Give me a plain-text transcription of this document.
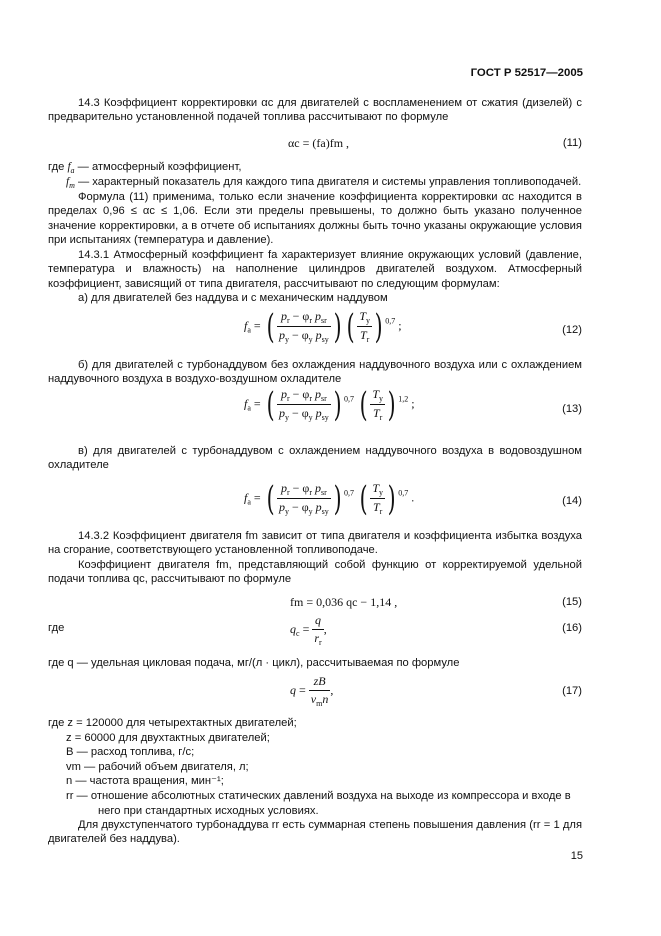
ГОСТ Р 52517—2005
14.3 Коэффициент корректировки αc для двигателей с воспламенением от сжатия (дизелей) с предварительно установленной подачей топлива рассчитывают по формуле
αc = (fa)fm ,	(11)
где $f_a$ — атмосферный коэффициент,
$f_m$ — характерный показатель для каждого типа двигателя и системы управления топливоподачей.
Формула (11) применима, только если значение коэффициента корректировки αc находится в пределах 0,96 ≤ αc ≤ 1,06. Если эти пределы превышены, то должно быть указано полученное значение корректировки, а в отчете об испытаниях должны быть точно указаны окружающие условия при испытаниях (температура и давление).
14.3.1 Атмосферный коэффициент fa характеризует влияние окружающих условий (давление, температура и влажность) на наполнение цилиндров двигателей воздухом. Атмосферный коэффициент, зависящий от типа двигателя, рассчитывают по следующим формулам:
а) для двигателей без наддува и с механическим наддувом
$f_a$ = ( $\frac{p_r - \varphi_r p_{sr}}{p_y - \varphi_y p_{sy}}$ ) ( $\frac{T_y}{T_r}$ ) $^{0,7}$ ;	(12)
б) для двигателей с турбонаддувом без охлаждения наддувочного воздуха или с охлаждением наддувочного воздуха в воздухо-воздушном охладителе
$f_a$ = ( $\frac{p_r - \varphi_r p_{sr}}{p_y - \varphi_y p_{sy}}$ ) $^{0,7}$ ( $\frac{T_y}{T_r}$ ) $^{1,2}$ ;	(13)
в) для двигателей с турбонаддувом с охлаждением наддувочного воздуха в водовоздушном охладителе
$f_a$ = ( $\frac{p_r - \varphi_r p_{sr}}{p_y - \varphi_y p_{sy}}$ ) $^{0,7}$ ( $\frac{T_y}{T_r}$ ) $^{0,7}$ .	(14)
14.3.2 Коэффициент двигателя fm зависит от типа двигателя и коэффициента избытка воздуха на сгорание, соответствующего установленной топливоподаче.
Коэффициент двигателя fm, представляющий собой функцию от корректируемой удельной подачи топлива qc, рассчитывают по формуле
fm = 0,036 qc − 1,14 ,	(15)
где	$q_c = \frac{q}{r_r}$ ,	(16)
где q — удельная цикловая подача, мг/(л · цикл), рассчитываемая по формуле
$q = \frac{zB}{v_mn}$ ,	(17)
где z = 120000 для четырехтактных двигателей;
z = 60000 для двухтактных двигателей;
B — расход топлива, г/с;
vm — рабочий объем двигателя, л;
n — частота вращения, мин⁻¹;
rr — отношение абсолютных статических давлений воздуха на выходе из компрессора и входе в
него при стандартных исходных условиях.
Для двухступенчатого турбонаддува rr есть суммарная степень повышения давления (rr = 1 для двигателей без наддува).
15
